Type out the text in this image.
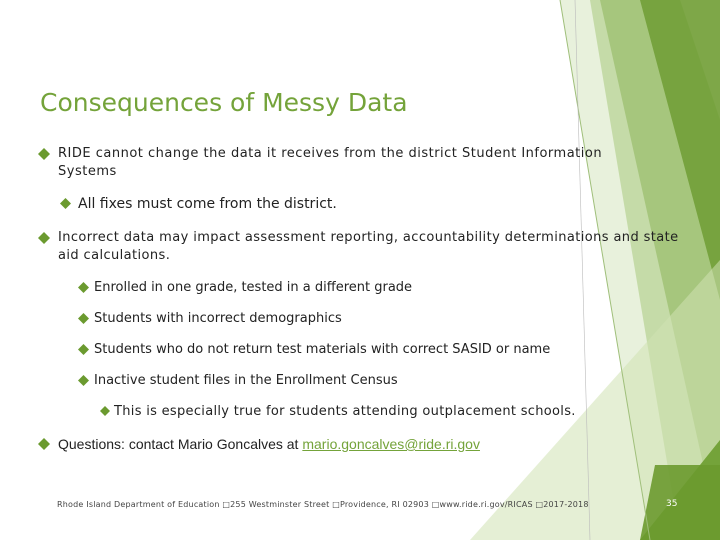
Consequences of Messy Data
RIDE cannot change the data it receives from the district Student Information Systems
All fixes must come from the district.
Incorrect data may impact assessment reporting, accountability determinations and state aid calculations.
Enrolled in one grade, tested in a different grade
Students with incorrect demographics
Students who do not return test materials with correct SASID or name
Inactive student files in the Enrollment Census
This is especially true for students attending outplacement schools.
Questions: contact Mario Goncalves at mario.goncalves@ride.ri.gov
Rhode Island Department of Education □255 Westminster Street □Providence, RI 02903 □www.ride.ri.gov/RICAS □2017-2018	35
